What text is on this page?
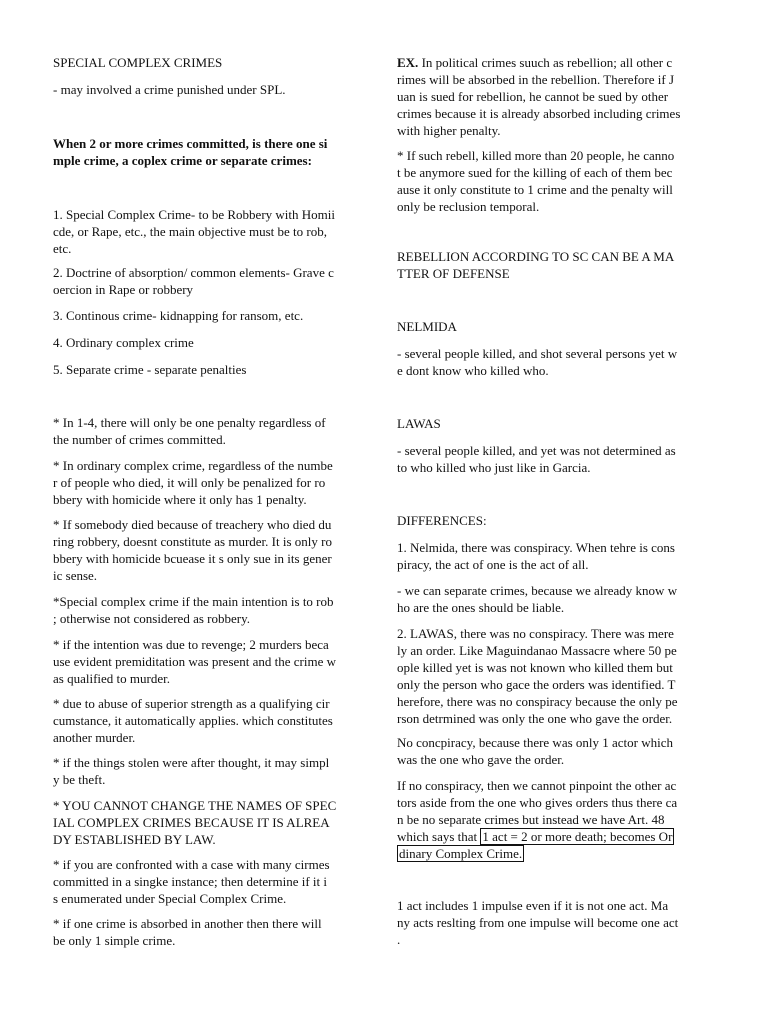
SPECIAL COMPLEX CRIMES

- may involved a crime punished under SPL.

When 2 or more crimes committed, is there one si
mple crime, a coplex crime or separate crimes:

1. Special Complex Crime- to be Robbery with Homii
cde, or Rape, etc., the main objective must be to rob,
etc.

2. Doctrine of absorption/ common elements- Grave c
oercion in Rape or robbery

3. Continous crime- kidnapping for ransom, etc.

4. Ordinary complex crime

5. Separate crime - separate penalties

* In 1-4, there will only be one penalty regardless of
the number of crimes committed.

* In ordinary complex crime, regardless of the numbe
r of people who died, it will only be penalized for ro
bbery with homicide where it only has 1 penalty.

* If somebody died because of treachery who died du
ring robbery, doesnt constitute as murder. It is only ro
bbery with homicide bcuease it s only sue in its gener
ic sense.

*Special complex crime if the main intention is to rob
; otherwise not considered as robbery.

* if the intention was due to revenge; 2 murders beca
use evident premiditation was present and the crime w
as qualified to murder.

* due to abuse of superior strength as a qualifying cir
cumstance, it automatically applies. which constitutes
another murder.

* if the things stolen were after thought, it may simpl
y be theft.

* YOU CANNOT CHANGE THE NAMES OF SPEC
IAL COMPLEX CRIMES BECAUSE IT IS ALREA
DY ESTABLISHED BY LAW.

* if you are confronted with a case with many cirmes
committed in a singke instance; then determine if it i
s enumerated under Special Complex Crime.

* if one crime is absorbed in another then there will
be only 1 simple crime.

EX. In political crimes suuch as rebellion; all other c
rimes will be absorbed in the rebellion. Therefore if J
uan is sued for rebellion, he cannot be sued by other
crimes because it is already absorbed including crimes
with higher penalty.

* If such rebell, killed more than 20 people, he canno
t be anymore sued for the killing of each of them bec
ause it only constitute to 1 crime and the penalty will
only be reclusion temporal.

REBELLION ACCORDING TO SC CAN BE A MA
TTER OF DEFENSE

NELMIDA

- several people killed, and shot several persons yet w
e dont know who killed who.

LAWAS

- several people killed, and yet was not determined as
to who killed who just like in Garcia.

DIFFERENCES:

1. Nelmida, there was conspiracy. When tehre is cons
piracy, the act of one is the act of all.

- we can separate crimes, because we already know w
ho are the ones should be liable.

2. LAWAS, there was no conspiracy. There was mere
ly an order. Like Maguindanao Massacre where 50 pe
ople killed yet is was not known who killed them but
only the person who gace the orders was identified. T
herefore, there was no conspiracy because the only pe
rson detrmined was only the one who gave the order.

No concpiracy, because there was only 1 actor which
was the one who gave the order.

If no conspiracy, then we cannot pinpoint the other ac
tors aside from the one who gives orders thus there ca
n be no separate crimes but instead we have Art. 48

which says that 1 act = 2 or more death; becomes Or

dinary Complex Crime.

1 act includes 1 impulse even if it is not one act. Ma
ny acts reslting from one impulse will become one act
.
